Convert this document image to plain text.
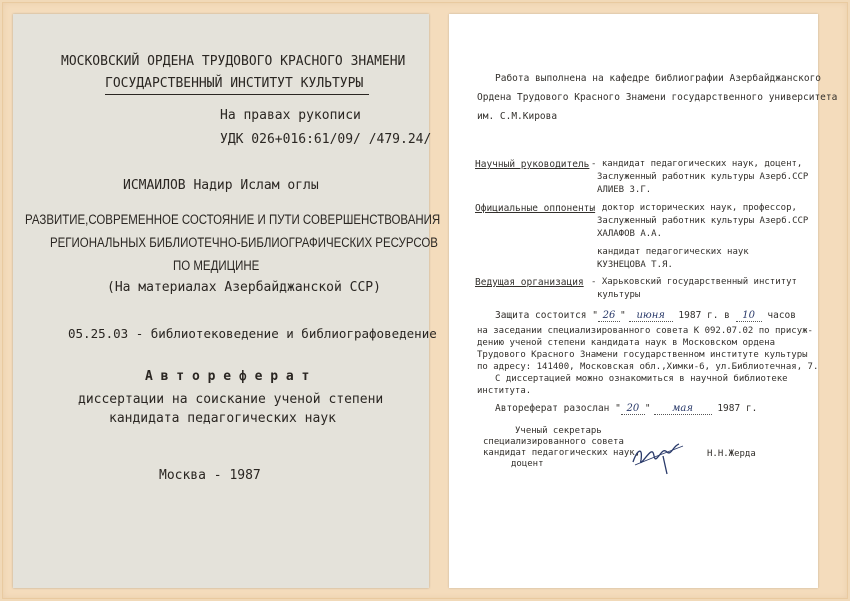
МОСКОВСКИЙ ОРДЕНА ТРУДОВОГО КРАСНОГО ЗНАМЕНИ
ГОСУДАРСТВЕННЫЙ ИНСТИТУТ КУЛЬТУРЫ
На правах рукописи
УДК 026+016:61/09/ /479.24/
ИСМАИЛОВ Надир Ислам оглы
РАЗВИТИЕ,СОВРЕМЕННОЕ СОСТОЯНИЕ И ПУТИ СОВЕРШЕНСТВОВАНИЯ
РЕГИОНАЛЬНЫХ БИБЛИОТЕЧНО-БИБЛИОГРАФИЧЕСКИХ РЕСУРСОВ
ПО МЕДИЦИНЕ
(На материалах Азербайджанской ССР)
05.25.03 - библиотековедение и библиографоведение
А в т о р е ф е р а т
диссертации на соискание ученой степени
кандидата педагогических наук
Москва - 1987
Работа выполнена на кафедре библиографии Азербайджанского
Ордена Трудового Красного Знамени государственного университета
им. С.М.Кирова
Научный руководитель - кандидат педагогических наук, доцент,
Заслуженный работник культуры Азерб.ССР
АЛИЕВ З.Г.
Официальные оппоненты
- доктор исторических наук, профессор,
Заслуженный работник культуры Азерб.ССР
ХАЛАФОВ А.А.
кандидат педагогических наук
КУЗНЕЦОВА Т.Я.
Ведущая организация - Харьковский государственный институт
культуры
Защита состоится " 26 " июня 1987 г. в 10 часов
на заседании специализированного совета К 092.07.02 по присуж-
дению ученой степени кандидата наук в Московском ордена
Трудового Красного Знамени государственном институте культуры
по адресу: 141400, Московская обл.,Химки-6, ул.Библиотечная, 7.
С диссертацией можно ознакомиться в научной библиотеке
института.
Автореферат разослан " 20 " мая	1987 г.
Ученый секретарь
специализированного совета
кандидат педагогических наук,
доцент
Н.Н.Жерда
